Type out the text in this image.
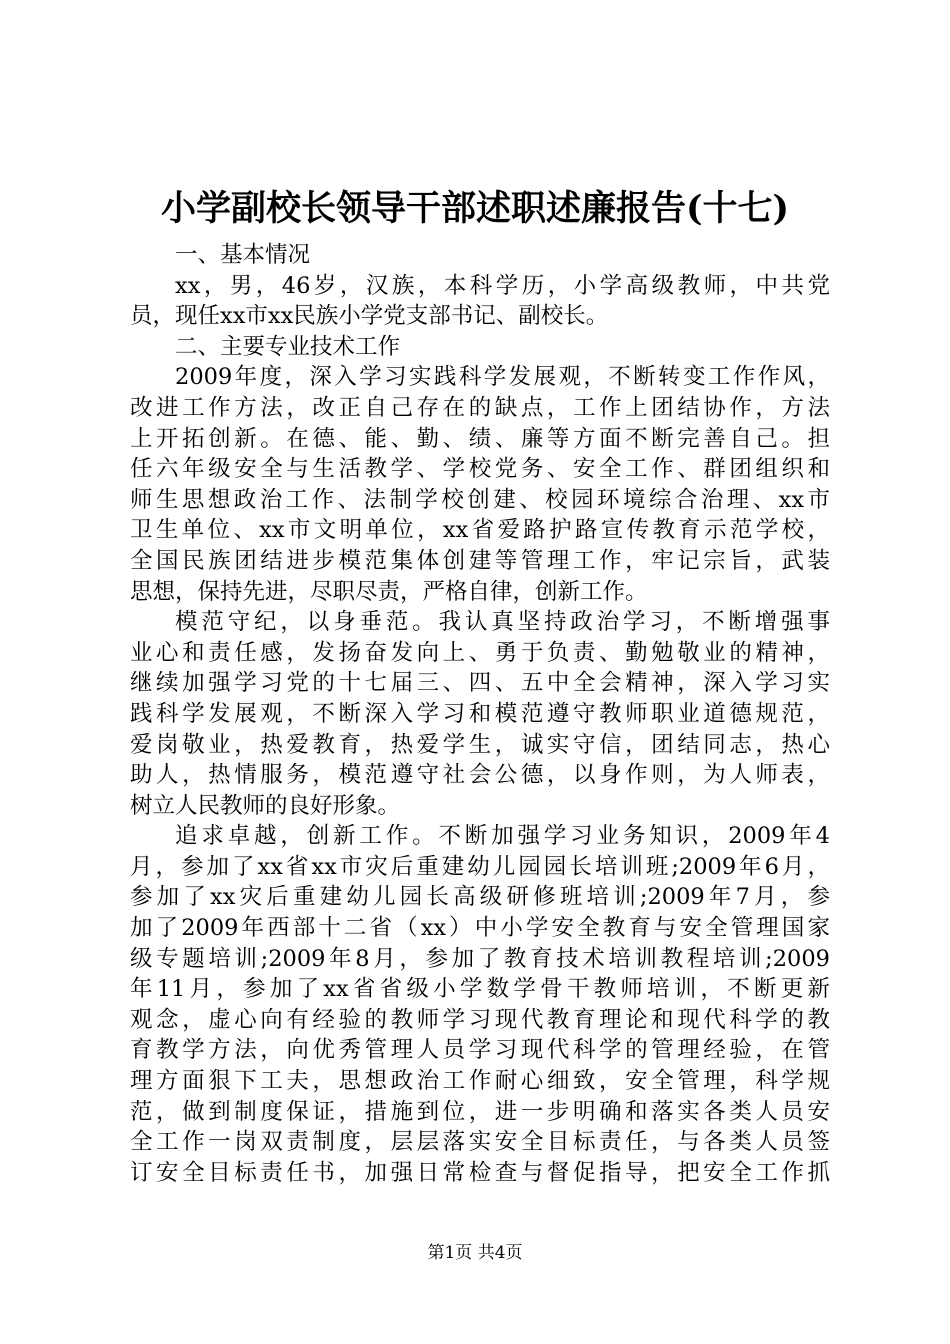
小学副校长领导干部述职述廉报告(十七)
一、基本情况
xx，男，46岁，汉族，本科学历，小学高级教师，中共党
员，现任xx市xx民族小学党支部书记、副校长。
二、主要专业技术工作
2009年度，深入学习实践科学发展观，不断转变工作作风，
改进工作方法，改正自己存在的缺点，工作上团结协作，方法
上开拓创新。在德、能、勤、绩、廉等方面不断完善自己。担
任六年级安全与生活教学、学校党务、安全工作、群团组织和
师生思想政治工作、法制学校创建、校园环境综合治理、xx市
卫生单位、xx市文明单位，xx省爱路护路宣传教育示范学校，
全国民族团结进步模范集体创建等管理工作，牢记宗旨，武装
思想，保持先进，尽职尽责，严格自律，创新工作。
模范守纪，以身垂范。我认真坚持政治学习，不断增强事
业心和责任感，发扬奋发向上、勇于负责、勤勉敬业的精神，
继续加强学习党的十七届三、四、五中全会精神，深入学习实
践科学发展观，不断深入学习和模范遵守教师职业道德规范，
爱岗敬业，热爱教育，热爱学生，诚实守信，团结同志，热心
助人，热情服务，模范遵守社会公德，以身作则，为人师表，
树立人民教师的良好形象。
追求卓越，创新工作。不断加强学习业务知识，2009年4
月，参加了xx省xx市灾后重建幼儿园园长培训班;2009年6月，
参加了xx灾后重建幼儿园长高级研修班培训;2009年7月，参
加了2009年西部十二省（xx）中小学安全教育与安全管理国家
级专题培训;2009年8月，参加了教育技术培训教程培训;2009
年11月，参加了xx省省级小学数学骨干教师培训，不断更新
观念，虚心向有经验的教师学习现代教育理论和现代科学的教
育教学方法，向优秀管理人员学习现代科学的管理经验，在管
理方面狠下工夫，思想政治工作耐心细致，安全管理，科学规
范，做到制度保证，措施到位，进一步明确和落实各类人员安
全工作一岗双责制度，层层落实安全目标责任，与各类人员签
订安全目标责任书，加强日常检查与督促指导，把安全工作抓
第1页 共4页
